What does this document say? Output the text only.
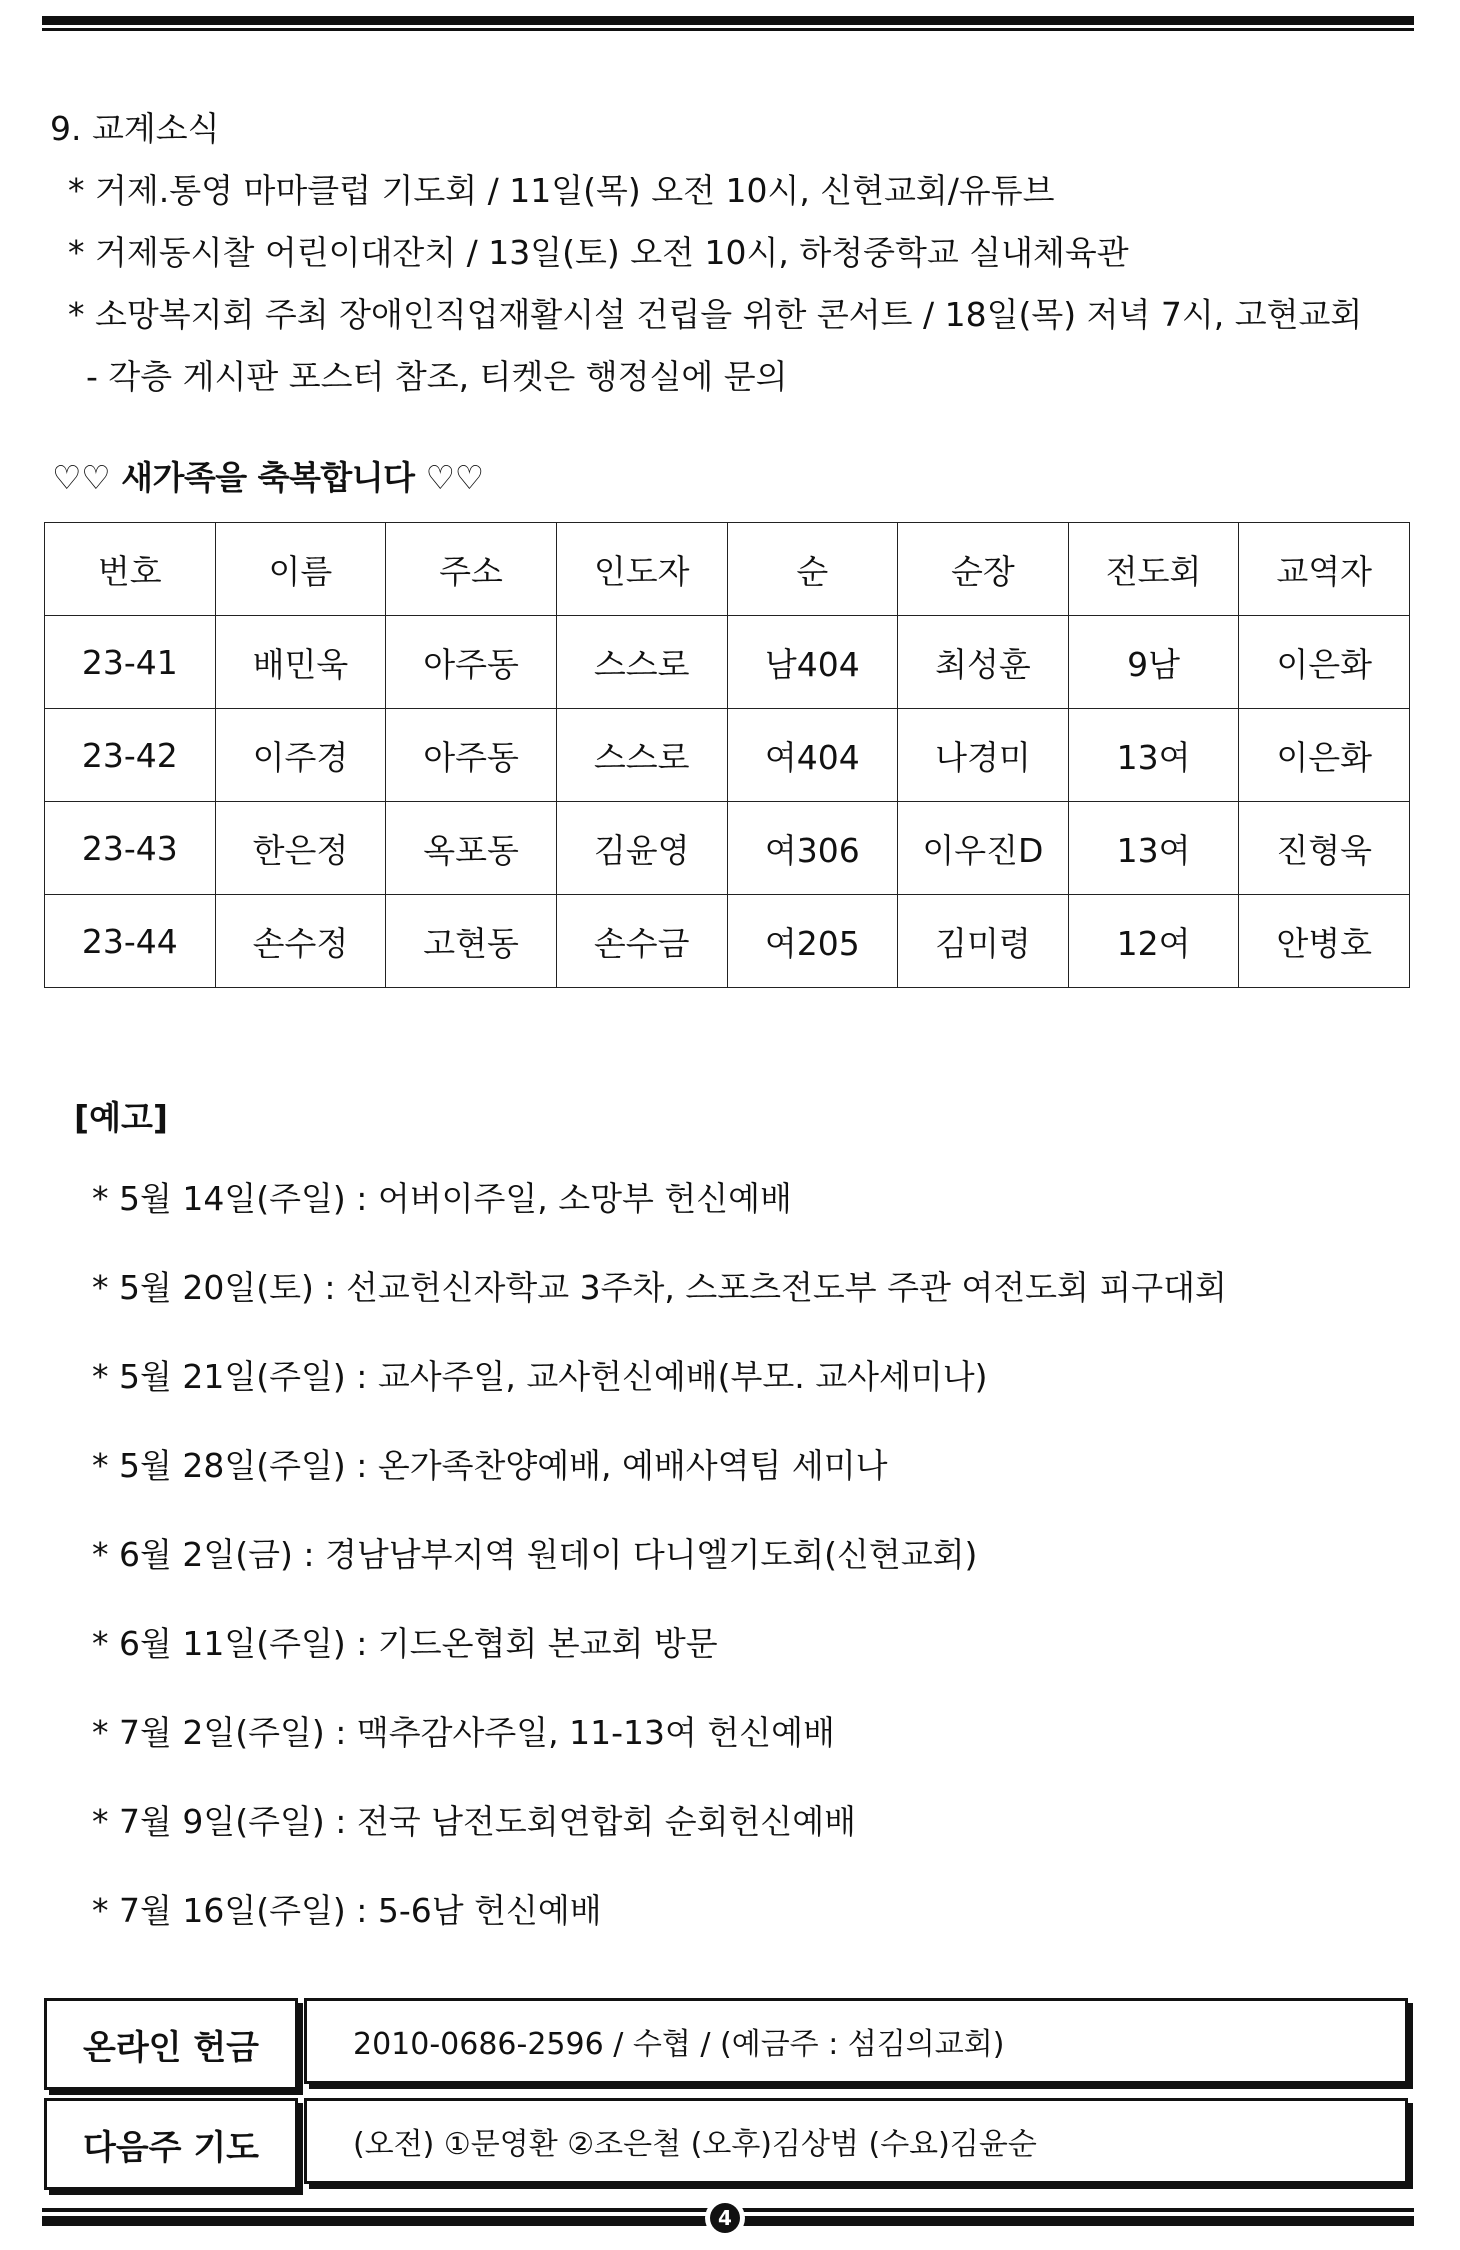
9. 교계소식
* 거제.통영 마마클럽 기도회 / 11일(목) 오전 10시, 신현교회/유튜브
* 거제동시찰 어린이대잔치 / 13일(토) 오전 10시, 하청중학교 실내체육관
* 소망복지회 주최 장애인직업재활시설 건립을 위한 콘서트 / 18일(목) 저녁 7시, 고현교회
- 각층 게시판 포스터 참조, 티켓은 행정실에 문의
♡♡ 새가족을 축복합니다 ♡♡
번호	이름	주소	인도자	순	순장	전도회	교역자
23-41	배민욱	아주동	스스로	남404	최성훈	9남	이은화
23-42	이주경	아주동	스스로	여404	나경미	13여	이은화
23-43	한은정	옥포동	김윤영	여306	이우진D	13여	진형욱
23-44	손수정	고현동	손수금	여205	김미령	12여	안병호
[예고]
* 5월 14일(주일) : 어버이주일, 소망부 헌신예배
* 5월 20일(토) : 선교헌신자학교 3주차, 스포츠전도부 주관 여전도회 피구대회
* 5월 21일(주일) : 교사주일, 교사헌신예배(부모. 교사세미나)
* 5월 28일(주일) : 온가족찬양예배, 예배사역팀 세미나
* 6월 2일(금) : 경남남부지역 원데이 다니엘기도회(신현교회)
* 6월 11일(주일) : 기드온협회 본교회 방문
* 7월 2일(주일) : 맥추감사주일, 11-13여 헌신예배
* 7월 9일(주일) : 전국 남전도회연합회 순회헌신예배
* 7월 16일(주일) : 5-6남 헌신예배
온라인 헌금	2010-0686-2596 / 수협 / (예금주 : 섬김의교회)
다음주 기도	(오전) ①문영환 ②조은철 (오후)김상범 (수요)김윤순
4
